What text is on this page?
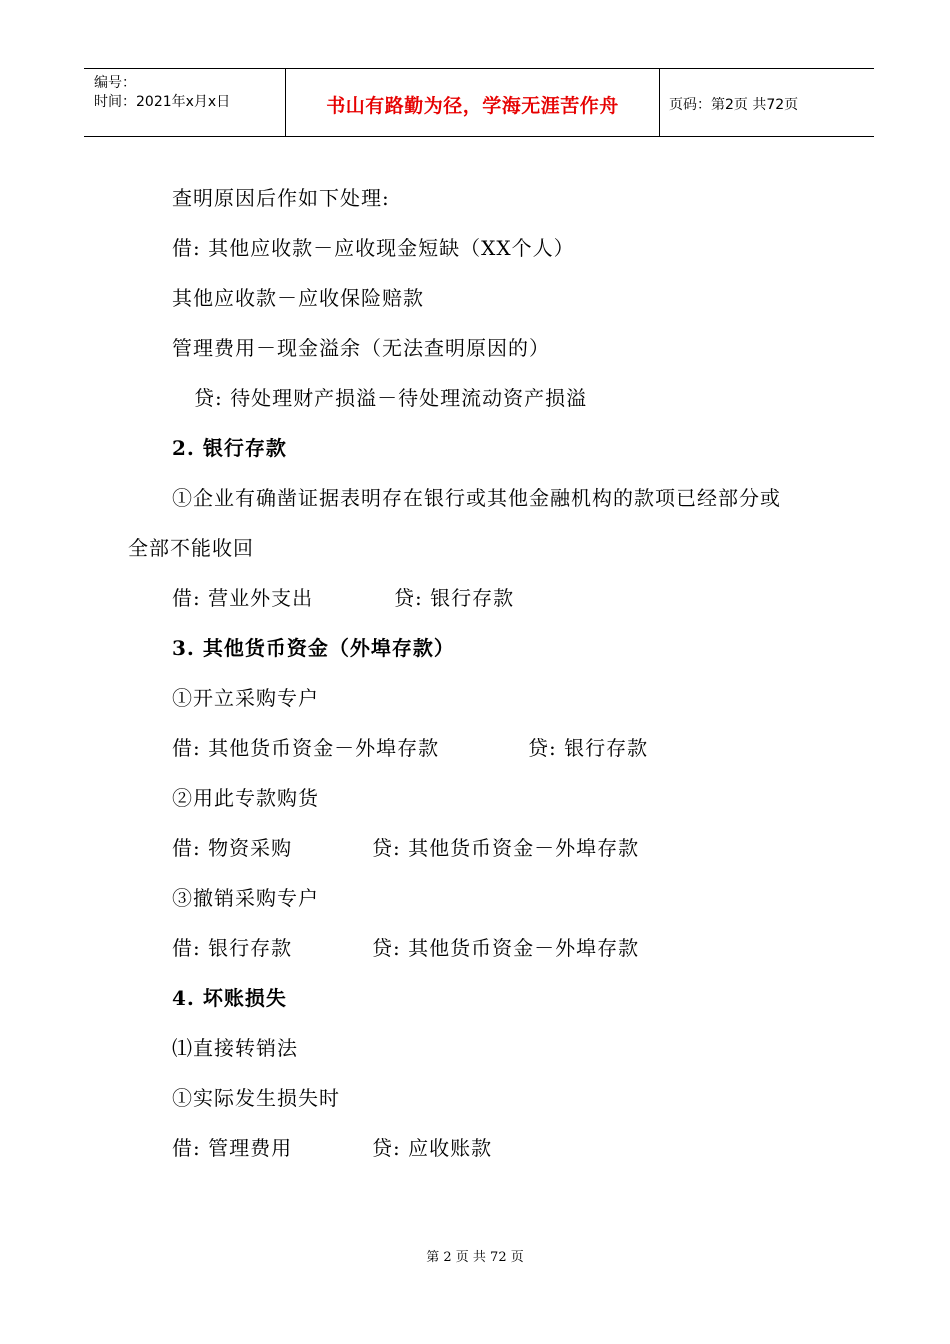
编号：
时间：2021年x月x日	书山有路勤为径，学海无涯苦作舟	页码：第2页 共72页
查明原因后作如下处理:
借: 其他应收款－应收现金短缺（XX个人）
其他应收款－应收保险赔款
管理费用－现金溢余（无法查明原因的）
贷: 待处理财产损溢－待处理流动资产损溢
2. 银行存款
①企业有确凿证据表明存在银行或其他金融机构的款项已经部分或
全部不能收回
借: 营业外支出	贷: 银行存款
3. 其他货币资金（外埠存款）
①开立采购专户
借: 其他货币资金－外埠存款	贷: 银行存款
②用此专款购货
借: 物资采购	贷: 其他货币资金－外埠存款
③撤销采购专户
借: 银行存款	贷: 其他货币资金－外埠存款
4. 坏账损失
⑴直接转销法
①实际发生损失时
借: 管理费用	贷: 应收账款
第 2 页 共 72 页
